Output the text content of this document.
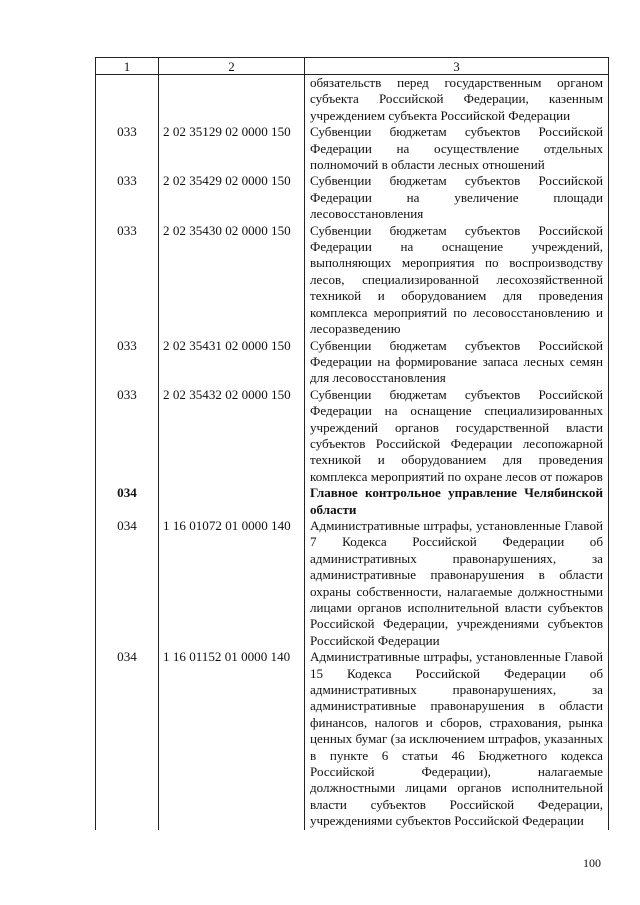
1	2	3
		обязательств перед государственным органом субъекта Российской Федерации, казенным учреждением субъекта Российской Федерации
033	2 02 35129 02 0000 150	Субвенции бюджетам субъектов Российской Федерации на осуществление отдельных полномочий в области лесных отношений
033	2 02 35429 02 0000 150	Субвенции бюджетам субъектов Российской Федерации на увеличение площади лесовосстановления
033	2 02 35430 02 0000 150	Субвенции бюджетам субъектов Российской Федерации на оснащение учреждений, выполняющих мероприятия по воспроизводству лесов, специализированной лесохозяйственной техникой и оборудованием для проведения комплекса мероприятий по лесовосстановлению и лесоразведению
033	2 02 35431 02 0000 150	Субвенции бюджетам субъектов Российской Федерации на формирование запаса лесных семян для лесовосстановления
033	2 02 35432 02 0000 150	Субвенции бюджетам субъектов Российской Федерации на оснащение специализированных учреждений органов государственной власти субъектов Российской Федерации лесопожарной техникой и оборудованием для проведения комплекса мероприятий по охране лесов от пожаров
034		Главное контрольное управление Челябинской области
034	1 16 01072 01 0000 140	Административные штрафы, установленные Главой 7 Кодекса Российской Федерации об административных правонарушениях, за административные правонарушения в области охраны собственности, налагаемые должностными лицами органов исполнительной власти субъектов Российской Федерации, учреждениями субъектов Российской Федерации
034	1 16 01152 01 0000 140	Административные штрафы, установленные Главой 15 Кодекса Российской Федерации об административных правонарушениях, за административные правонарушения в области финансов, налогов и сборов, страхования, рынка ценных бумаг (за исключением штрафов, указанных в пункте 6 статьи 46 Бюджетного кодекса Российской Федерации), налагаемые должностными лицами органов исполнительной власти субъектов Российской Федерации, учреждениями субъектов Российской Федерации
100
